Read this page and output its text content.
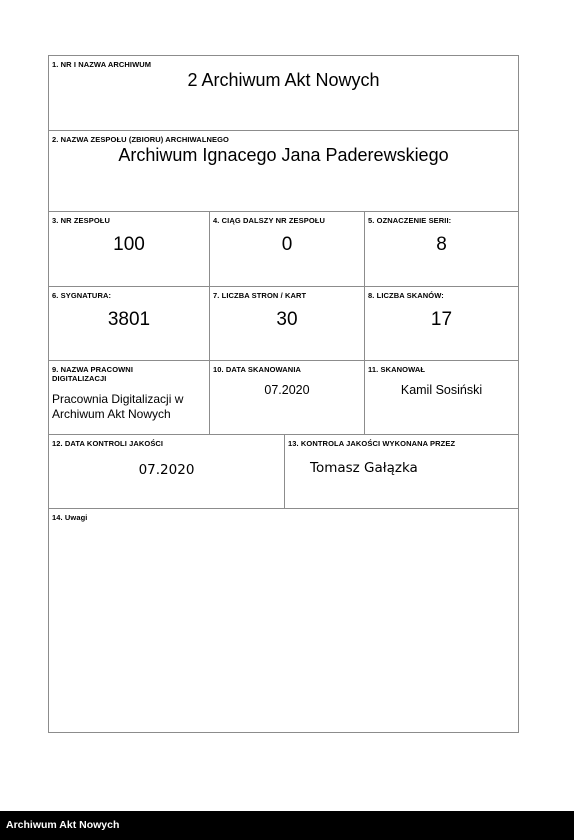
1. NR I NAZWA ARCHIWUM
2 Archiwum Akt Nowych
2. NAZWA ZESPOŁU (ZBIORU) ARCHIWALNEGO
Archiwum Ignacego Jana Paderewskiego
3. NR ZESPOŁU
100
4. CIĄG DALSZY NR ZESPOŁU
0
5. OZNACZENIE SERII:
8
6. SYGNATURA:
3801
7. LICZBA STRON / KART
30
8. LICZBA SKANÓW:
17
9. NAZWA PRACOWNI
DIGITALIZACJI
Pracownia Digitalizacji w
Archiwum Akt Nowych
10. DATA SKANOWANIA
07.2020
11. SKANOWAŁ
Kamil Sosiński
12. DATA KONTROLI JAKOŚCI
07.2020
13. KONTROLA JAKOŚCI WYKONANA PRZEZ
Tomasz Gałązka
14. Uwagi
Archiwum Akt Nowych
